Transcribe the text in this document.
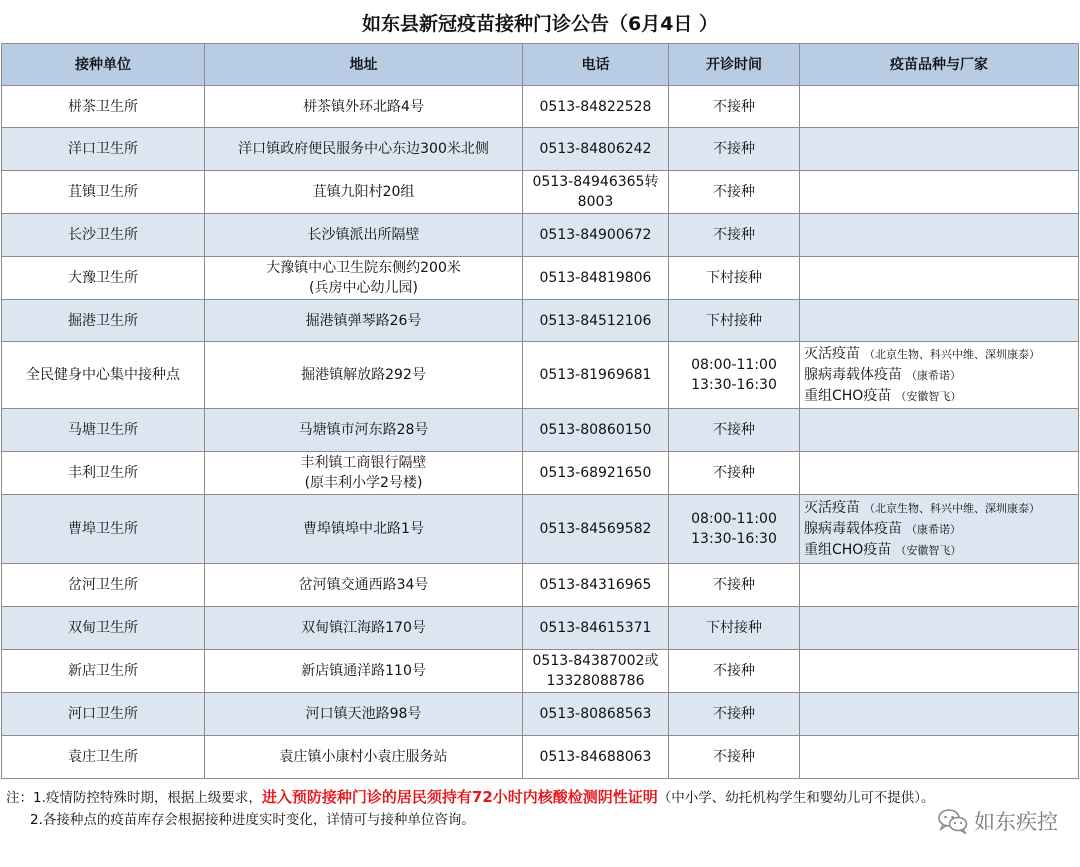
如东县新冠疫苗接种门诊公告（6月4日 ）
接种单位	地址	电话	开诊时间	疫苗品种与厂家
栟茶卫生所	栟茶镇外环北路4号	0513-84822528	不接种	

洋口卫生所	洋口镇政府便民服务中心东边300米北侧	0513-84806242	不接种	

苴镇卫生所	苴镇九阳村20组	0513-84946365转
8003	不接种	

长沙卫生所	长沙镇派出所隔壁	0513-84900672	不接种	

大豫卫生所	大豫镇中心卫生院东侧约200米
(兵房中心幼儿园)	0513-84819806	下村接种	

掘港卫生所	掘港镇弹琴路26号	0513-84512106	下村接种	

全民健身中心集中接种点	掘港镇解放路292号	0513-81969681	08:00-11:00
13:30-16:30	灭活疫苗 （北京生物、科兴中维、深圳康泰）
腺病毒载体疫苗 （康希诺）
重组CHO疫苗 （安徽智飞）

马塘卫生所	马塘镇市河东路28号	0513-80860150	不接种	

丰利卫生所	丰利镇工商银行隔壁
(原丰利小学2号楼)	0513-68921650	不接种	

曹埠卫生所	曹埠镇埠中北路1号	0513-84569582	08:00-11:00
13:30-16:30	灭活疫苗 （北京生物、科兴中维、深圳康泰）
腺病毒载体疫苗 （康希诺）
重组CHO疫苗 （安徽智飞）

岔河卫生所	岔河镇交通西路34号	0513-84316965	不接种	

双甸卫生所	双甸镇江海路170号	0513-84615371	下村接种	

新店卫生所	新店镇通洋路110号	0513-84387002或
13328088786	不接种	

河口卫生所	河口镇天池路98号	0513-80868563	不接种	

袁庄卫生所	袁庄镇小康村小袁庄服务站	0513-84688063	不接种	

注：1.疫情防控特殊时期，根据上级要求，进入预防接种门诊的居民须持有72小时内核酸检测阴性证明（中小学、幼托机构学生和婴幼儿可不提供）。
2.各接种点的疫苗库存会根据接种进度实时变化，详情可与接种单位咨询。	如东疾控
